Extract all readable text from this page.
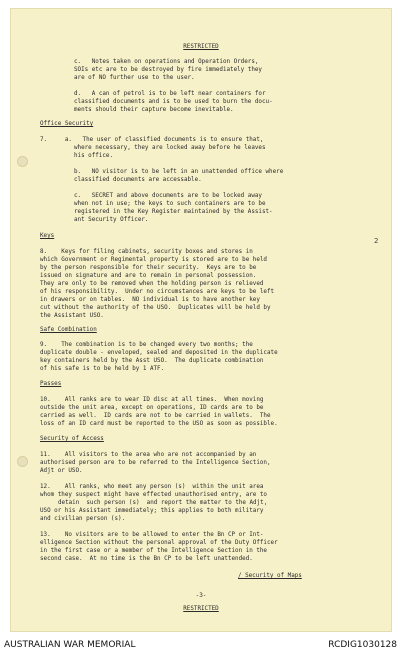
RESTRICTED
c.   Notes taken on operations and Operation Orders,
SOIs etc are to be destroyed by fire immediately they
are of NO further use to the user.
d.   A can of petrol is to be left near containers for
classified documents and is to be used to burn the docu-
ments should their capture become inevitable.
Office Security
7.     a.   The user of classified documents is to ensure that,
where necessary, they are locked away before he leaves
his office.
b.   NO visitor is to be left in an unattended office where
classified documents are accessable.
c.   SECRET and above documents are to be locked away
when not in use; the keys to such containers are to be
registered in the Key Register maintained by the Assist-
ant Security Officer.
Keys
8.    Keys for filing cabinets, security boxes and stores in
which Government or Regimental property is stored are to be held
by the person responsible for their security.  Keys are to be
issued on signature and are to remain in personal possession.
They are only to be removed when the holding person is relieved
of his responsibility.  Under no circumstances are keys to be left
in drawers or on tables.  NO individual is to have another key
cut without the authority of the USO.  Duplicates will be held by
the Assistant USO.
Safe Combination
9.    The combination is to be changed every two months; the
duplicate double - enveloped, sealed and deposited in the duplicate
key containers held by the Asst USO.  The duplicate combination
of his safe is to be held by 1 ATF.
Passes
10.    All ranks are to wear ID disc at all times.  When moving
outside the unit area, except on operations, ID cards are to be
carried as well.  ID cards are not to be carried in wallets.  The
loss of an ID card must be reported to the USO as soon as possible.
Security of Access
11.    All visitors to the area who are not accompanied by an
authorised person are to be referred to the Intelligence Section,
Adjt or USO.
12.    All ranks, who meet any person (s)  within the unit area
whom they suspect might have effected unauthorised entry, are to
detain  such person (s)  and report the matter to the Adjt,
USO or his Assistant immediately; this applies to both military
and civilian person (s).
13.    No visitors are to be allowed to enter the Bn CP or Int-
elligence Section without the personal approval of the Duty Officer
in the first case or a member of the Intelligence Section in the
second case.  At no time is the Bn CP to be left unattended.
/ Security of Maps
-3-
RESTRICTED
2
AUSTRALIAN WAR MEMORIAL	RCDIG1030128
